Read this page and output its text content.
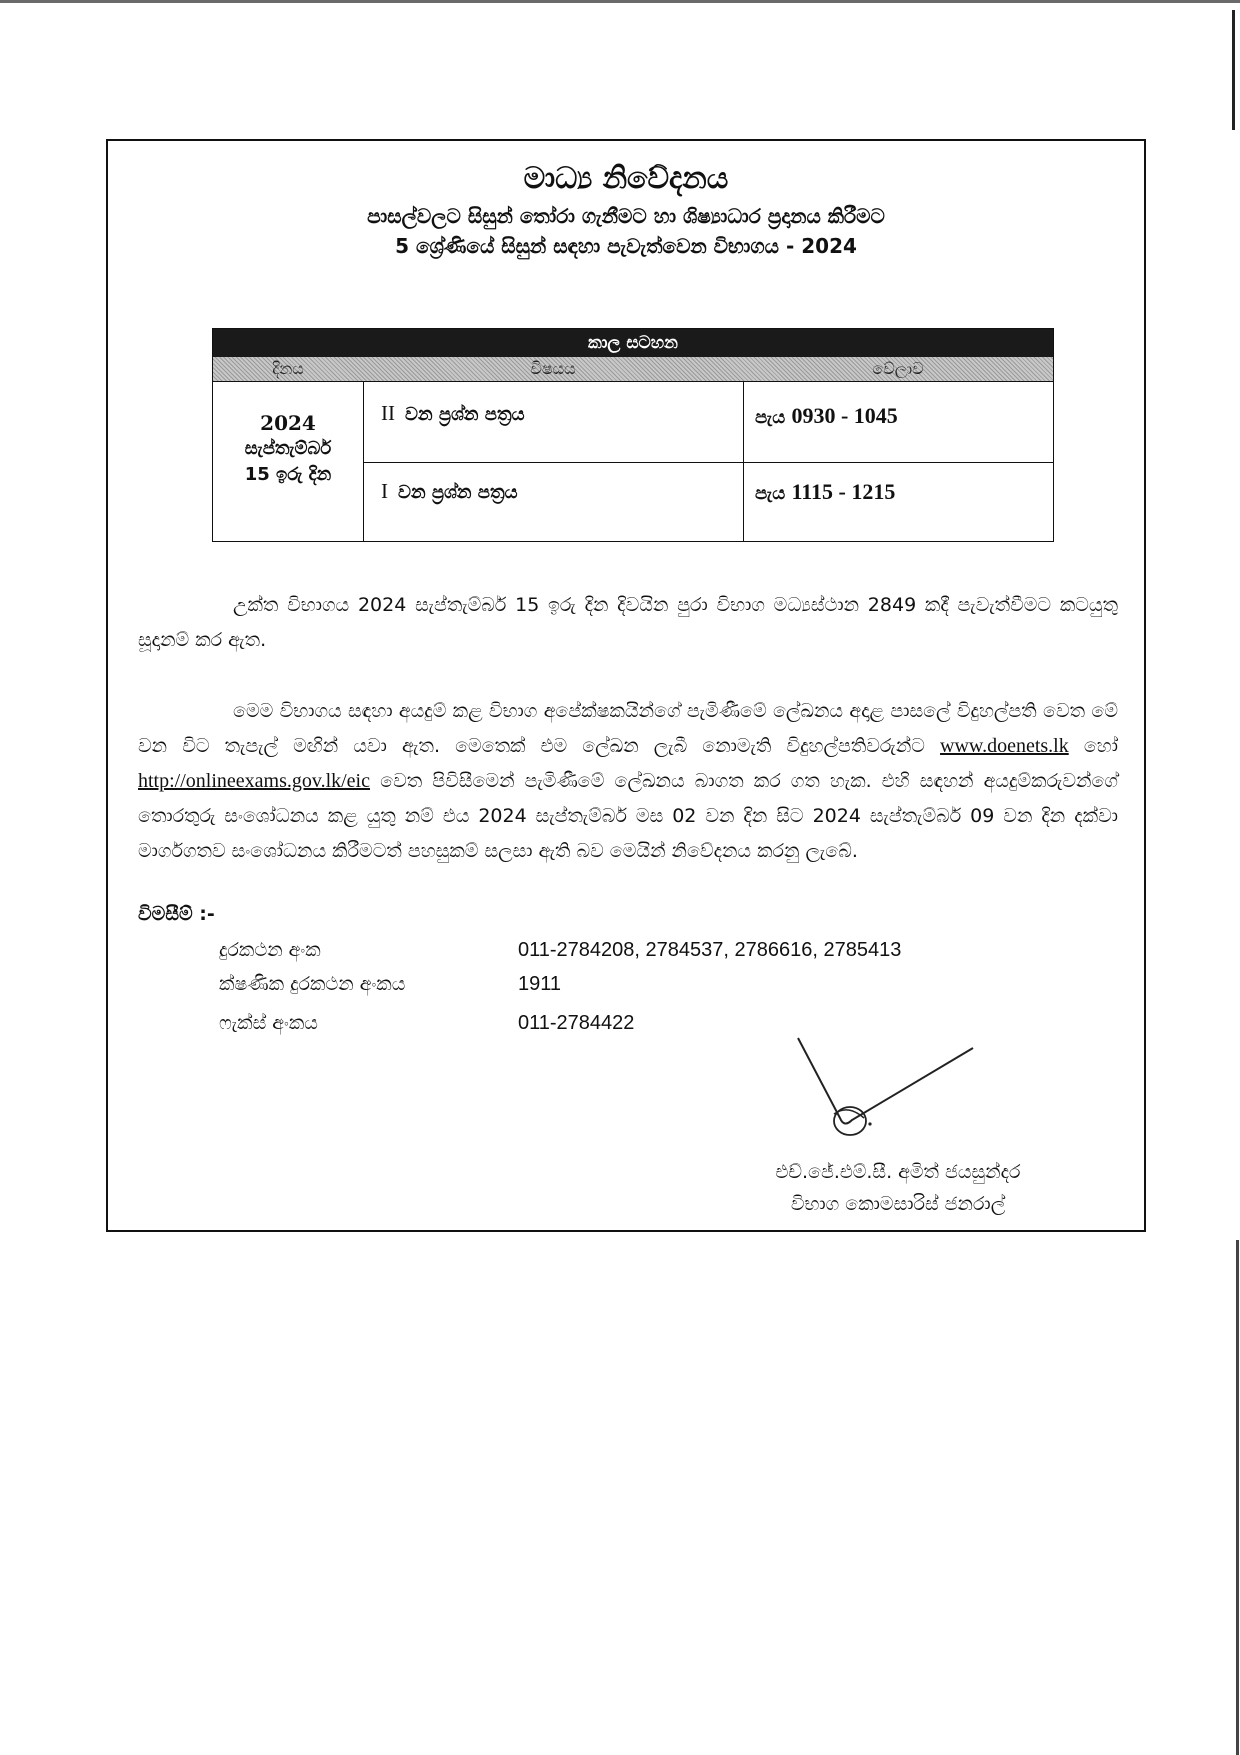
මාධ්‍ය නිවේදනය
පාසල්වලට සිසුන් තෝරා ගැනීමට හා ශිෂ්‍යාධාර ප්‍රදානය කිරීමට
5 ශ්‍රේණියේ සිසුන් සඳහා පැවැත්වෙන විභාගය - 2024
කාල සටහන
දිනය	විෂයය	වේලාව
2024
සැප්තැම්බර්
15 ඉරු දින
II වන ප්‍රශ්න පත්‍රය	පැය 0930 - 1045
I වන ප්‍රශ්න පත්‍රය	පැය 1115 - 1215
උක්ත විභාගය 2024 සැප්තැම්බර් 15 ඉරු දින දිවයින පුරා විභාග මධ්‍යස්ථාන 2849 කදී පැවැත්වීමට කටයුතු සූදානම් කර ඇත.
මෙම විභාගය සඳහා අයදුම් කළ විභාග අපේක්ෂකයින්ගේ පැමිණීමේ ලේඛනය අදාළ පාසලේ විදුහල්පති වෙත මේ වන විට තැපැල් මඟින් යවා ඇත. මෙතෙක් එම ලේඛන ලැබී නොමැති විදුහල්පතිවරුන්ට www.doenets.lk හෝ http://onlineexams.gov.lk/eic වෙත පිවිසීමෙන් පැමිණීමේ ලේඛනය බාගත කර ගත හැක. එහි සඳහන් අයදුම්කරුවන්ගේ තොරතුරු සංශෝධනය කළ යුතු නම් එය 2024 සැප්තැම්බර් මස 02 වන දින සිට 2024 සැප්තැම්බර් 09 වන දින දක්වා මාර්ගගතව සංශෝධනය කිරීමටත් පහසුකම් සලසා ඇති බව මෙයින් නිවේදනය කරනු ලැබේ.
විමසීම් :-
දුරකථන අංක	011-2784208, 2784537, 2786616, 2785413
ක්ෂණික දුරකථන අංකය	1911
ෆැක්ස් අංකය	011-2784422
එච්.ජේ.එම්.සී. අමිත් ජයසුන්දර
විභාග කොමසාරිස් ජනරාල්
